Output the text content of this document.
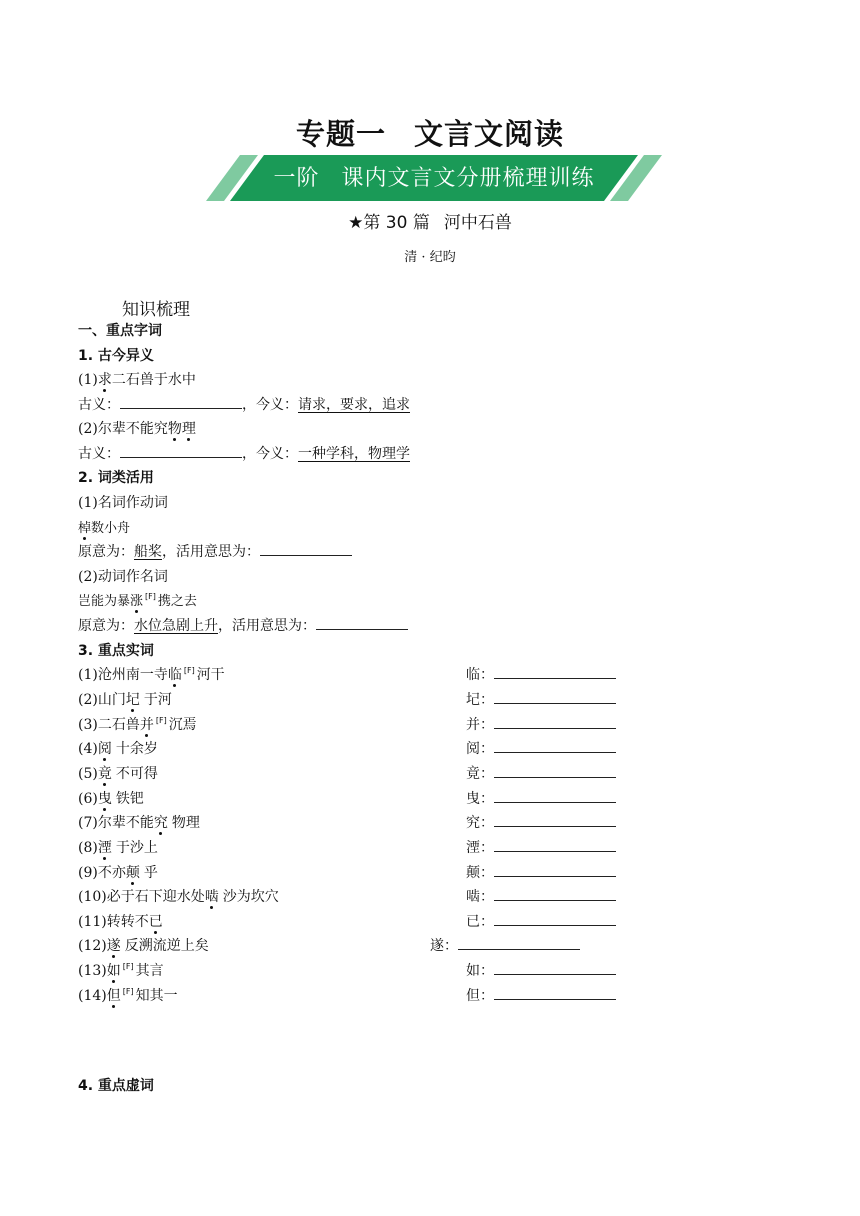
专题一 文言文阅读
一阶 课内文言文分册梳理训练
★第 30 篇 河中石兽
清 · 纪昀
知识梳理
一、重点字词
1. 古今异义
(1)求二石兽于水中
古义：	，今义：请求，要求，追求
(2)尔辈不能究物理
古义：	，今义：一种学科，物理学
2. 词类活用
(1)名词作动词
棹数小舟
原意为：船桨，活用意思为：
(2)动词作名词
岂能为暴涨 [F] 携之去
原意为：水位急剧上升，活用意思为：
3. 重点实词
(1)沧州南一寺临 [F] 河干	临：
(2)山门圮 于河	圮：
(3)二石兽并 [F] 沉焉	并：
(4)阅 十余岁	阅：
(5)竟 不可得	竟：
(6)曳 铁钯	曳：
(7)尔辈不能究 物理	究：
(8)湮 于沙上	湮：
(9)不亦颠 乎	颠：
(10)必于石下迎水处啮 沙为坎穴	啮：
(11)转转不已	已：
(12)遂 反溯流逆上矣	遂：
(13)如 [F] 其言	如：
(14)但 [F] 知其一	但：
4. 重点虚词
